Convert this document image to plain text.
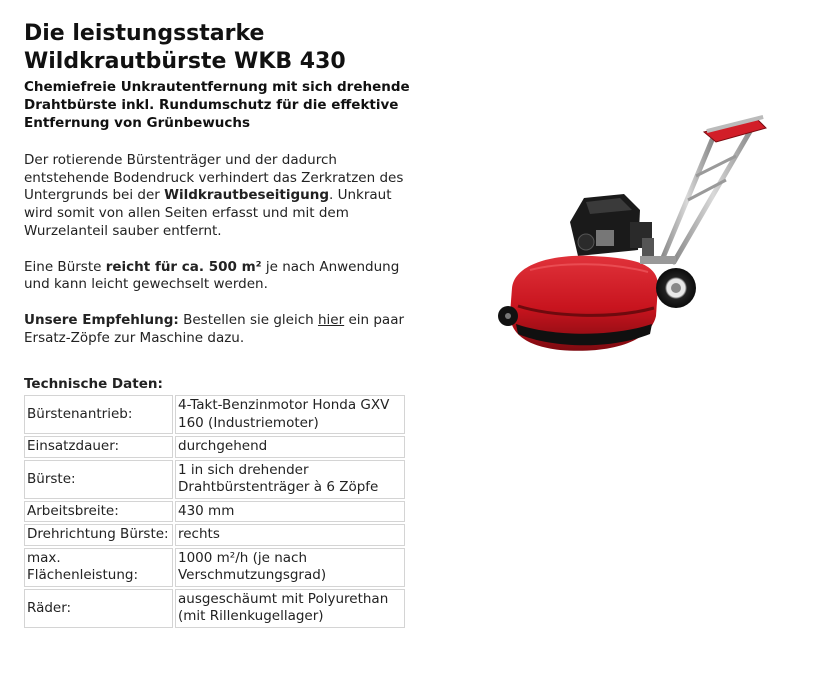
Die leistungsstarke Wildkrautbürste WKB 430
Chemiefreie Unkrautentfernung mit sich drehende Drahtbürste inkl. Rundumschutz für die effektive Entfernung von Grünbewuchs

Der rotierende Bürstenträger und der dadurch entstehende Bodendruck verhindert das Zerkratzen des Untergrunds bei der Wildkrautbeseitigung. Unkraut wird somit von allen Seiten erfasst und mit dem Wurzelanteil sauber entfernt.

Eine Bürste reicht für ca. 500 m² je nach Anwendung und kann leicht gewechselt werden.

Unsere Empfehlung: Bestellen sie gleich hier ein paar Ersatz-Zöpfe zur Maschine dazu.

Technische Daten:
Bürstenantrieb:	4-Takt-Benzinmotor Honda GXV 160 (Industriemoter)
Einsatzdauer:	durchgehend
Bürste:	1 in sich drehender Drahtbürstenträger à 6 Zöpfe
Arbeitsbreite:	430 mm
Drehrichtung Bürste:	rechts
max. Flächenleistung:	1000 m²/h (je nach Verschmutzungsgrad)
Räder:	ausgeschäumt mit Polyurethan (mit Rillenkugellager)
